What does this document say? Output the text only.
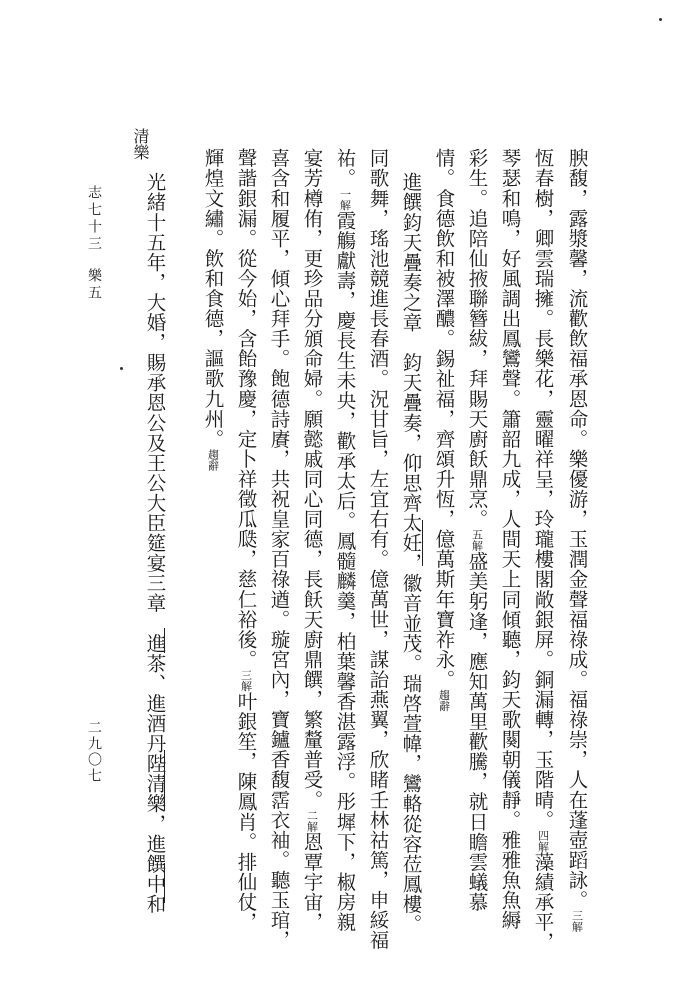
腴馥，露漿馨，流歡飲福承恩命。樂優游，玉潤金聲福祿成。福祿崇，人在蓬壺蹈詠。三解
恆春樹，卿雲瑞擁。長樂花，靈曜祥呈，玲瓏樓閣敞銀屏。銅漏轉，玉階晴。四解藻績承平，
琴瑟和鳴，好風調出鳳鸞聲。簫韶九成，人間天上同傾聽，鈞天歌闋朝儀靜。雅雅魚魚縟
彩生。追陪仙掖聯簪紱，拜賜天廚飫鼎烹。五解盛美躬逢，應知萬里歡騰，就日瞻雲蟻慕
情。食德飲和被澤醲。錫祉福，齊頌升恆，億萬斯年寶祚永。趨辭
進饌鈞天疊奏之章　鈞天疊奏，仰思齊太妊，徽音並茂。瑞啓萱幃，鸞輅從容莅鳳樓。
同歌舞，瑤池競進長春酒。況甘旨，左宜右有。億萬世，謀詒燕翼，欣睹壬林祜篤，申綏福
祐。一解霞觴獻壽，慶長生未央，歡承太后。鳳髓麟羹，柏葉馨香湛露浮。彤墀下，椒房親
宴芳樽侑，更珍品分頒命婦。願懿戚同心同德，長飫天廚鼎饌，繁釐普受。二解恩覃宇宙，
喜含和履平，傾心拜手。飽德詩賡，共祝皇家百祿遒。璇宮內，寶鑪香馥霑衣袖。聽玉琯，
聲諧銀漏。從今始，含飴豫慶，定卜祥徵瓜瓞，慈仁裕後。三解叶銀笙，陳鳳肖。排仙仗，
輝煌文繡。飲和食德，謳歌九州。趨辭
光緒十五年，大婚，賜承恩公及王公大臣筵宴三章　進茶、進酒丹陛清樂，進饌中和
清樂
志七十三
樂五
二九〇七
